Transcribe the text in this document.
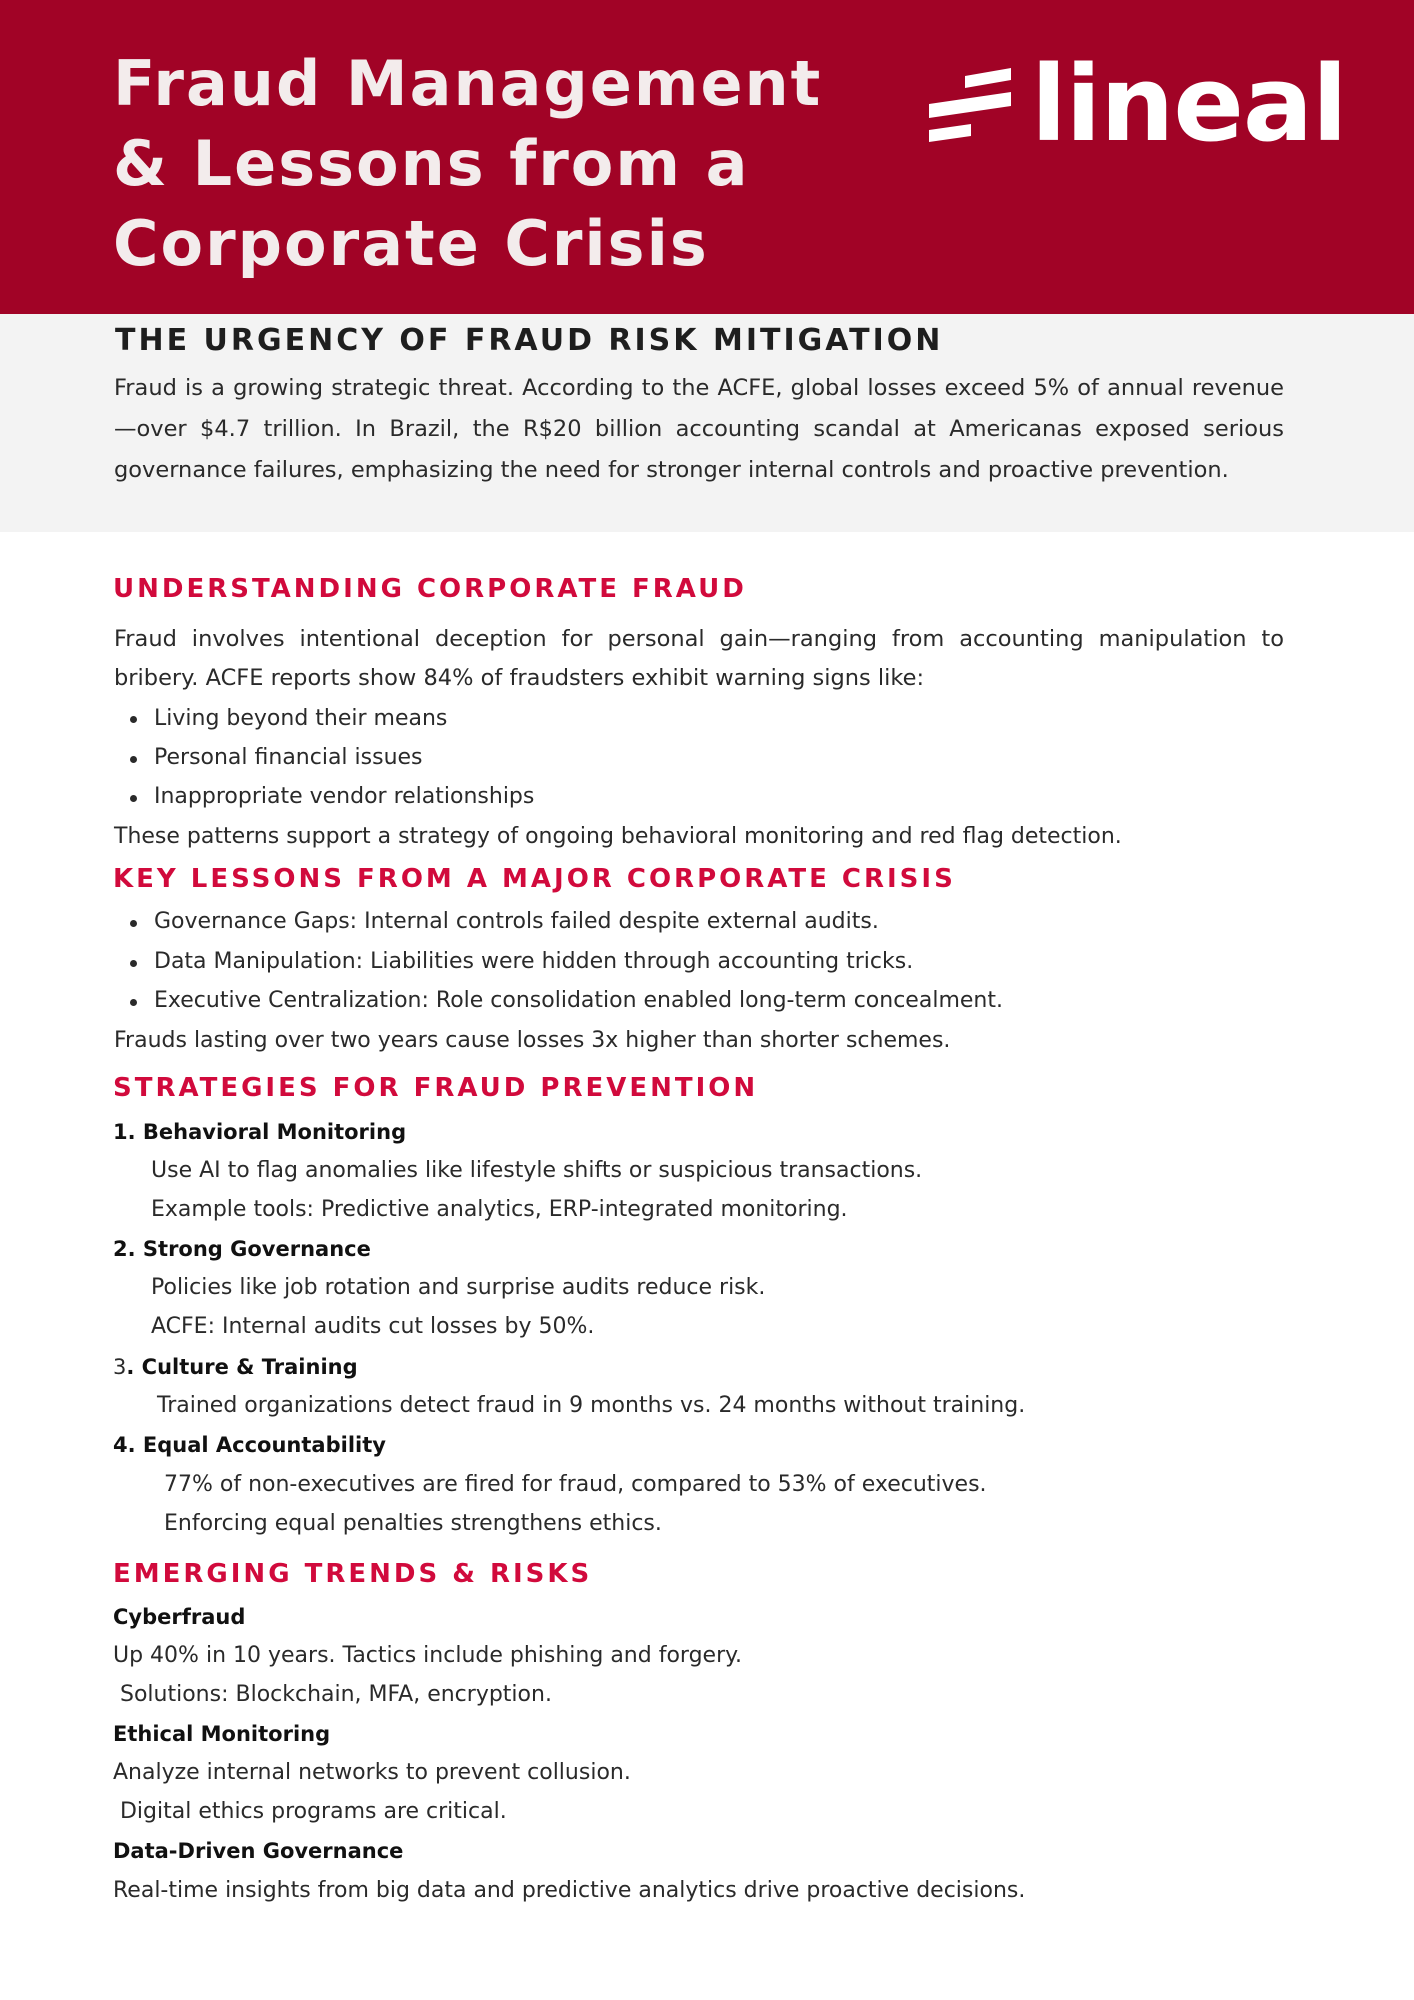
Fraud Management
& Lessons from a
Corporate Crisis
lineal
THE URGENCY OF FRAUD RISK MITIGATION

Fraud is a growing strategic threat. According to the ACFE, global losses exceed 5% of annual revenue—over $4.7 trillion. In Brazil, the R$20 billion accounting scandal at Americanas exposed serious governance failures, emphasizing the need for stronger internal controls and proactive prevention.

UNDERSTANDING CORPORATE FRAUD

Fraud involves intentional deception for personal gain—ranging from accounting manipulation to bribery. ACFE reports show 84% of fraudsters exhibit warning signs like:

Living beyond their means

Personal financial issues

Inappropriate vendor relationships

These patterns support a strategy of ongoing behavioral monitoring and red flag detection.

KEY LESSONS FROM A MAJOR CORPORATE CRISIS

Governance Gaps: Internal controls failed despite external audits.

Data Manipulation: Liabilities were hidden through accounting tricks.

Executive Centralization: Role consolidation enabled long-term concealment.

Frauds lasting over two years cause losses 3x higher than shorter schemes.

STRATEGIES FOR FRAUD PREVENTION

1. Behavioral Monitoring

Use AI to flag anomalies like lifestyle shifts or suspicious transactions.

Example tools: Predictive analytics, ERP-integrated monitoring.

2. Strong Governance

Policies like job rotation and surprise audits reduce risk.

ACFE: Internal audits cut losses by 50%.

3. Culture & Training

Trained organizations detect fraud in 9 months vs. 24 months without training.

4. Equal Accountability

77% of non-executives are fired for fraud, compared to 53% of executives.

Enforcing equal penalties strengthens ethics.

EMERGING TRENDS & RISKS

Cyberfraud

Up 40% in 10 years. Tactics include phishing and forgery.

Solutions: Blockchain, MFA, encryption.

Ethical Monitoring

Analyze internal networks to prevent collusion.

Digital ethics programs are critical.

Data-Driven Governance

Real-time insights from big data and predictive analytics drive proactive decisions.
